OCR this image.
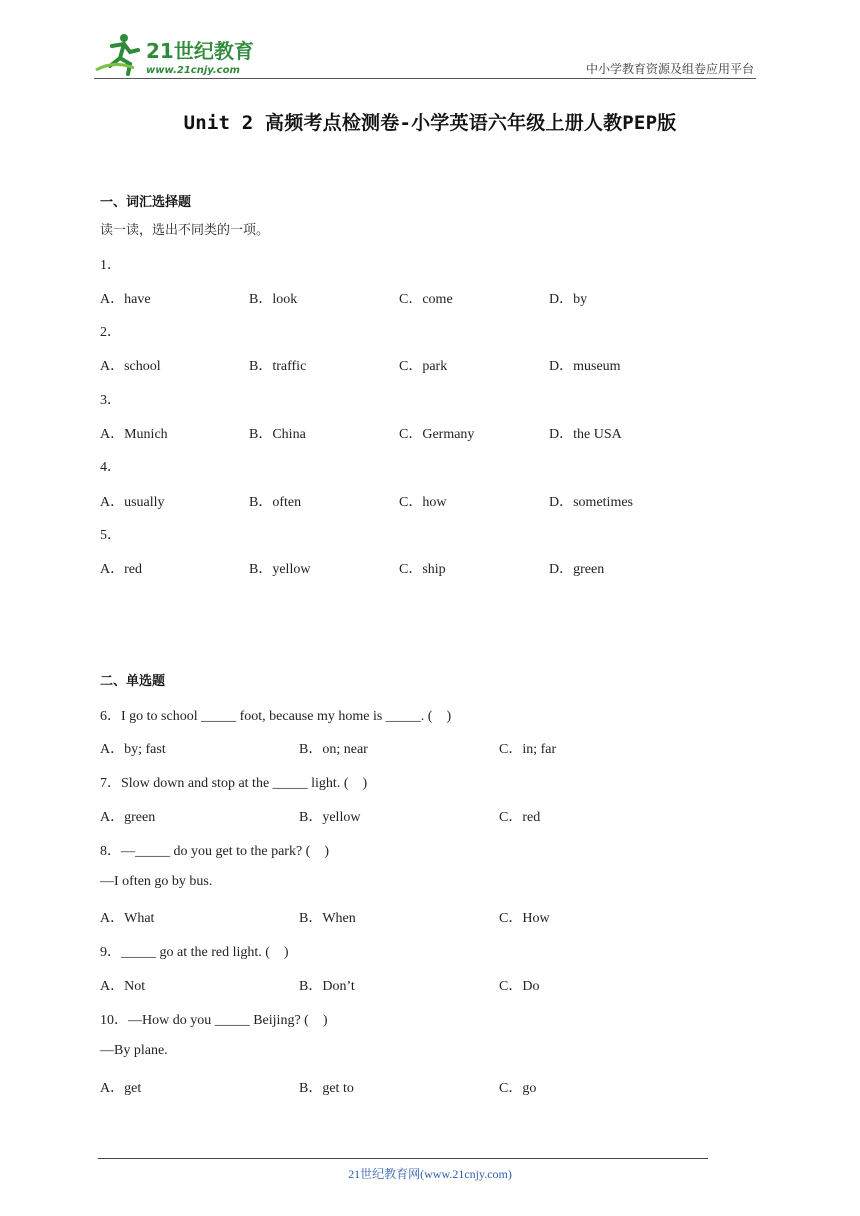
21世纪教育
www.21cnjy.com	中小学教育资源及组卷应用平台
Unit 2 高频考点检测卷-小学英语六年级上册人教PEP版
一、词汇选择题
读一读，选出不同类的一项。
1．
A．have	B．look	C．come	D．by
2．
A．school	B．traffic	C．park	D．museum
3．
A．Munich	B．China	C．Germany	D．the USA
4．
A．usually	B．often	C．how	D．sometimes
5．
A．red	B．yellow	C．ship	D．green
二、单选题
6．I go to school _____ foot, because my home is _____. (    )
A．by; fast	B．on; near	C．in; far
7．Slow down and stop at the _____ light. (    )
A．green	B．yellow	C．red
8．—_____ do you get to the park? (    )
—I often go by bus.
A．What	B．When	C．How
9．_____ go at the red light. (    )
A．Not	B．Don’t	C．Do
10．—How do you _____ Beijing? (    )
—By plane.
A．get	B．get to	C．go
21世纪教育网(www.21cnjy.com)
